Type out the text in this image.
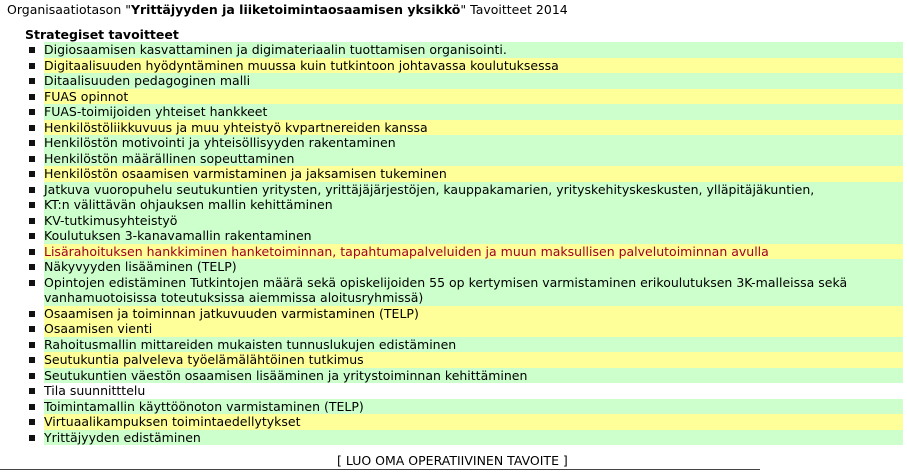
Organisaatiotason "Yrittäjyyden ja liiketoimintaosaamisen yksikkö" Tavoitteet 2014
Strategiset tavoitteet
Digiosaamisen kasvattaminen ja digimateriaalin tuottamisen organisointi.
Digitaalisuuden hyödyntäminen muussa kuin tutkintoon johtavassa koulutuksessa
Ditaalisuuden pedagoginen malli
FUAS opinnot
FUAS-toimijoiden yhteiset hankkeet
Henkilöstöliikkuvuus ja muu yhteistyö kvpartnereiden kanssa
Henkilöstön motivointi ja yhteisöllisyyden rakentaminen
Henkilöstön määrällinen sopeuttaminen
Henkilöstön osaamisen varmistaminen ja jaksamisen tukeminen
Jatkuva vuoropuhelu seutukuntien yritysten, yrittäjäjärjestöjen, kauppakamarien, yrityskehityskeskusten, ylläpitäjäkuntien,
KT:n välittävän ohjauksen mallin kehittäminen
KV-tutkimusyhteistyö
Koulutuksen 3-kanavamallin rakentaminen
Lisärahoituksen hankkiminen hanketoiminnan, tapahtumapalveluiden ja muun maksullisen palvelutoiminnan avulla
Näkyvyyden lisääminen (TELP)
Opintojen edistäminen Tutkintojen määrä sekä opiskelijoiden 55 op kertymisen varmistaminen erikoulutuksen 3K-malleissa sekä vanhamuotoisissa toteutuksissa aiemmissa aloitusryhmissä)
Osaamisen ja toiminnan jatkuvuuden varmistaminen (TELP)
Osaamisen vienti
Rahoitusmallin mittareiden mukaisten tunnuslukujen edistäminen
Seutukuntia palveleva työelämälähtöinen tutkimus
Seutukuntien väestön osaamisen lisääminen ja yritystoiminnan kehittäminen
Tila suunnitttelu
Toimintamallin käyttöönoton varmistaminen (TELP)
Virtuaalikampuksen toimintaedellytykset
Yrittäjyyden edistäminen
[ LUO OMA OPERATIIVINEN TAVOITE ]
